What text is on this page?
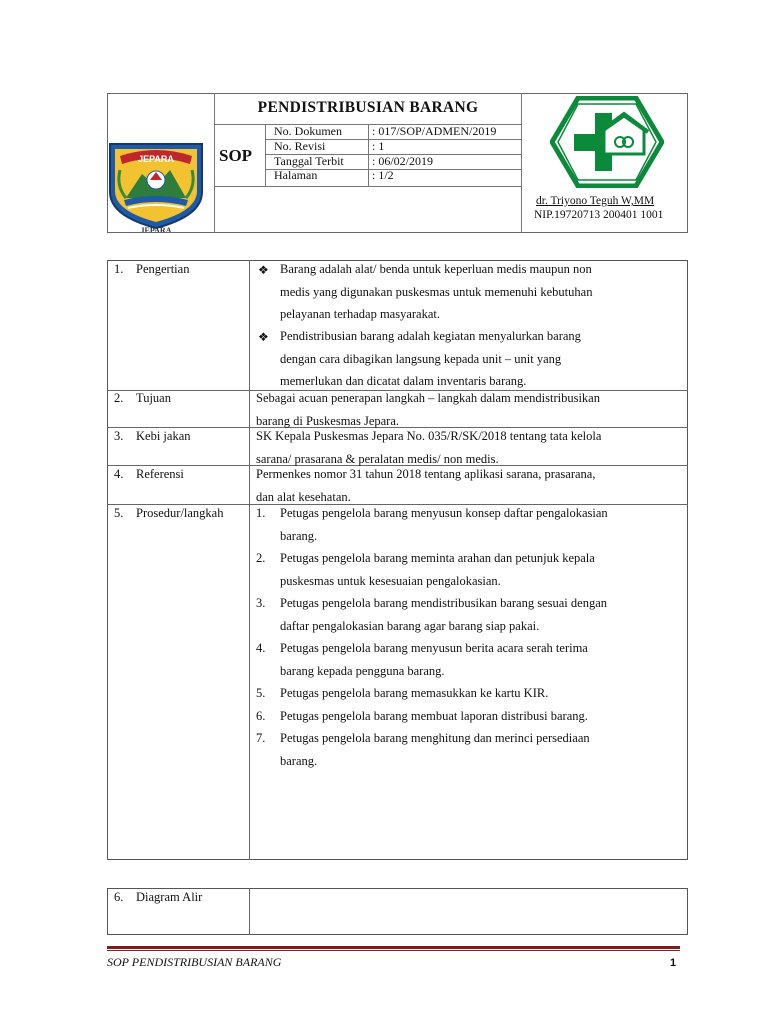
JEPARA
JEPARA
PENDISTRIBUSIAN BARANG
SOP
No. Dokumen	: 017/SOP/ADMEN/2019
No. Revisi	: 1
Tanggal Terbit : 06/02/2019
Halaman	: 1/2
dr. Triyono Teguh W,MM
NIP.19720713 200401 1001
1. Pengertian	❖ Barang adalah alat/ benda untuk keperluan medis maupun non
medis yang digunakan puskesmas untuk memenuhi kebutuhan
pelayanan terhadap masyarakat.
❖ Pendistribusian barang adalah kegiatan menyalurkan barang
dengan cara dibagikan langsung kepada unit – unit yang
memerlukan dan dicatat dalam inventaris barang.
2. Tujuan	Sebagai acuan penerapan langkah – langkah dalam mendistribusikan
barang di Puskesmas Jepara.
3. Kebi jakan	SK Kepala Puskesmas Jepara No. 035/R/SK/2018 tentang tata kelola
sarana/ prasarana & peralatan medis/ non medis.
4. Referensi	Permenkes nomor 31 tahun 2018 tentang aplikasi sarana, prasarana,
dan alat kesehatan.
5. Prosedur/langkah	1. Petugas pengelola barang menyusun konsep daftar pengalokasian
barang.
2. Petugas pengelola barang meminta arahan dan petunjuk kepala
puskesmas untuk kesesuaian pengalokasian.
3. Petugas pengelola barang mendistribusikan barang sesuai dengan
daftar pengalokasian barang agar barang siap pakai.
4. Petugas pengelola barang menyusun berita acara serah terima
barang kepada pengguna barang.
5. Petugas pengelola barang memasukkan ke kartu KIR.
6. Petugas pengelola barang membuat laporan distribusi barang.
7. Petugas pengelola barang menghitung dan merinci persediaan
barang.
6. Diagram Alir
SOP PENDISTRIBUSIAN BARANG	1
